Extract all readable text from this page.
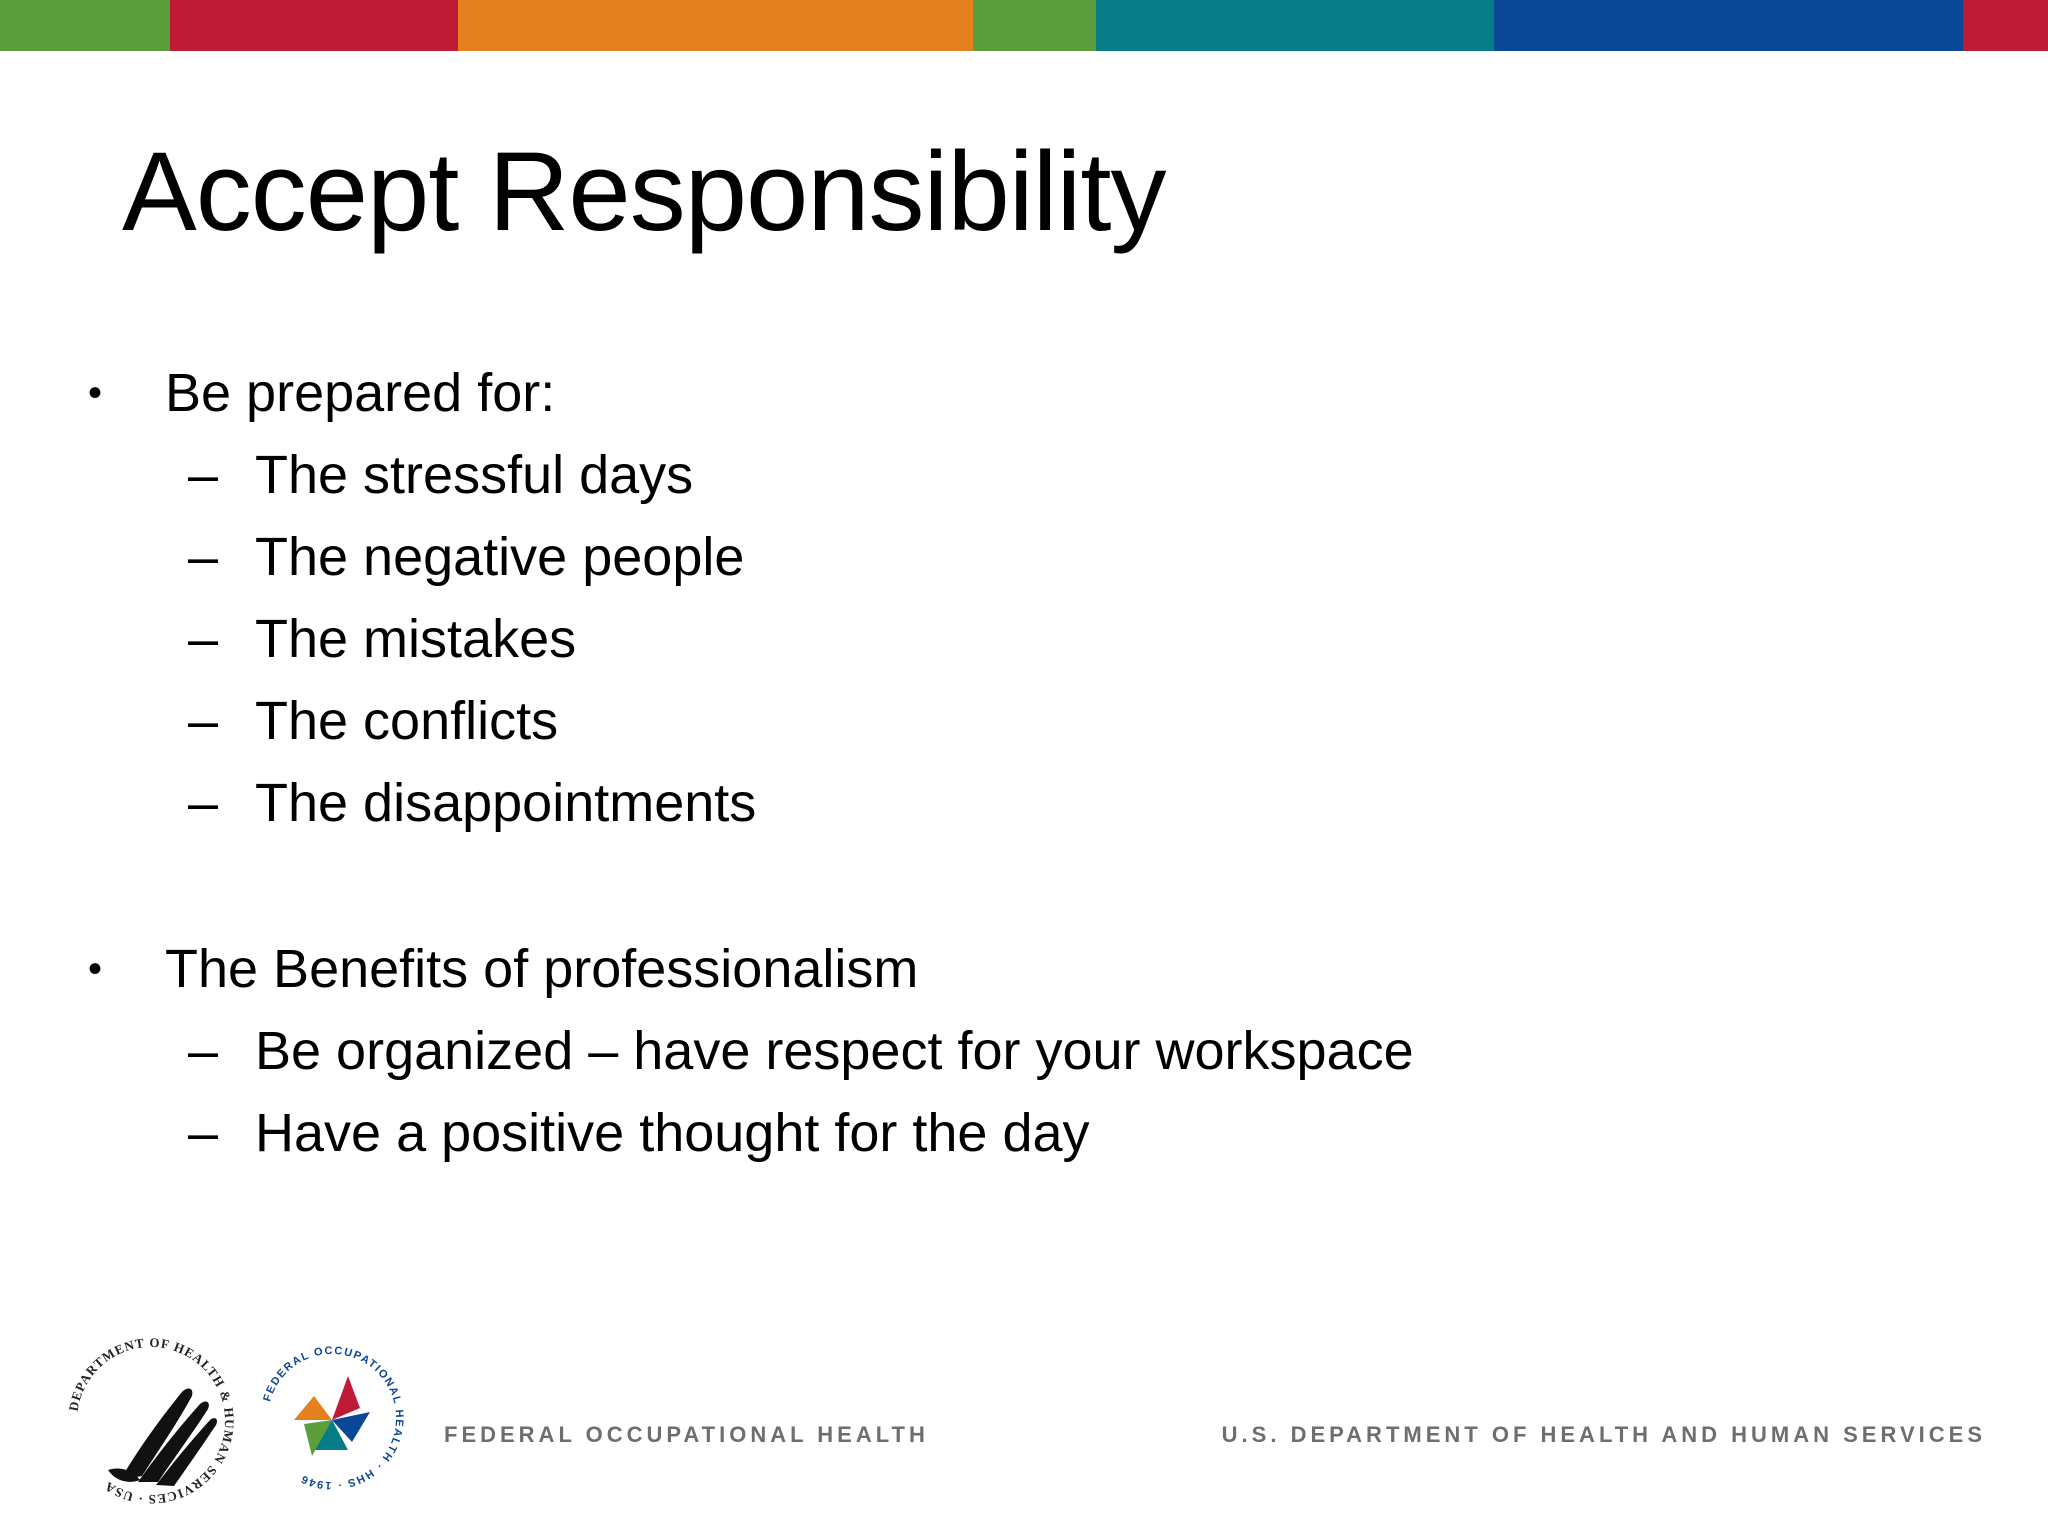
Accept Responsibility
• Be prepared for:
– The stressful days
– The negative people
– The mistakes
– The conflicts
– The disappointments
• The Benefits of professionalism
– Be organized – have respect for your workspace
– Have a positive thought for the day
DEPARTMENT OF HEALTH & HUMAN SERVICES · USA
FEDERAL OCCUPATIONAL HEALTH · HHS · 1946
FEDERAL OCCUPATIONAL HEALTH	U.S. DEPARTMENT OF HEALTH AND HUMAN SERVICES
